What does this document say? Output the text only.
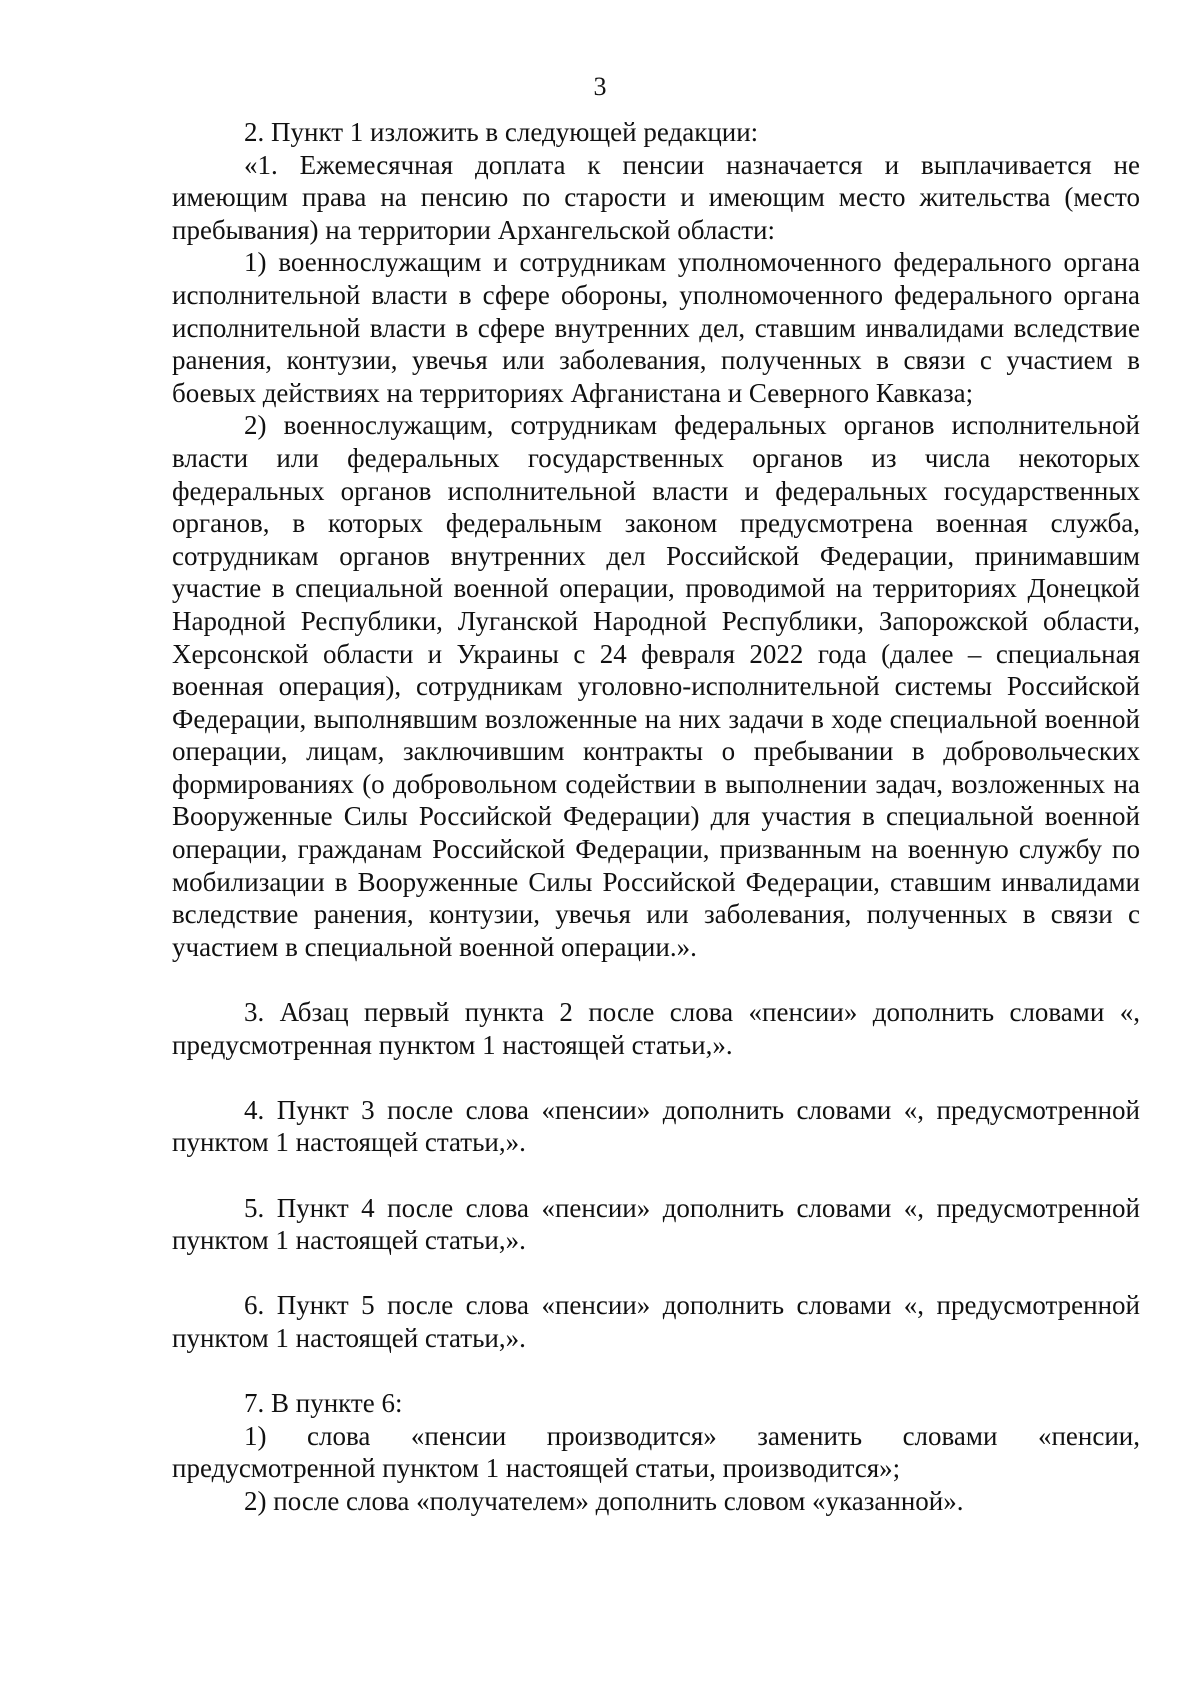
3

2. Пункт 1 изложить в следующей редакции:

«1. Ежемесячная доплата к пенсии назначается и выплачивается не имеющим права на пенсию по старости и имеющим место жительства (место пребывания) на территории Архангельской области:

1) военнослужащим и сотрудникам уполномоченного федерального органа исполнительной власти в сфере обороны, уполномоченного федерального органа исполнительной власти в сфере внутренних дел, ставшим инвалидами вследствие ранения, контузии, увечья или заболевания, полученных в связи с участием в боевых действиях на территориях Афганистана и Северного Кавказа;

2) военнослужащим, сотрудникам федеральных органов исполнительной власти или федеральных государственных органов из числа некоторых федеральных органов исполнительной власти и федеральных государственных органов, в которых федеральным законом предусмотрена военная служба, сотрудникам органов внутренних дел Российской Федерации, принимавшим участие в специальной военной операции, проводимой на территориях Донецкой Народной Республики, Луганской Народной Республики, Запорожской области, Херсонской области и Украины с 24 февраля 2022 года (далее – специальная военная операция), сотрудникам уголовно-исполнительной системы Российской Федерации, выполнявшим возложенные на них задачи в ходе специальной военной операции, лицам, заключившим контракты о пребывании в добровольческих формированиях (о добровольном содействии в выполнении задач, возложенных на Вооруженные Силы Российской Федерации) для участия в специальной военной операции, гражданам Российской Федерации, призванным на военную службу по мобилизации в Вооруженные Силы Российской Федерации, ставшим инвалидами вследствие ранения, контузии, увечья или заболевания, полученных в связи с участием в специальной военной операции.».

3. Абзац первый пункта 2 после слова «пенсии» дополнить словами «, предусмотренная пунктом 1 настоящей статьи,».

4. Пункт 3 после слова «пенсии» дополнить словами «, предусмотренной пунктом 1 настоящей статьи,».

5. Пункт 4 после слова «пенсии» дополнить словами «, предусмотренной пунктом 1 настоящей статьи,».

6. Пункт 5 после слова «пенсии» дополнить словами «, предусмотренной пунктом 1 настоящей статьи,».

7. В пункте 6:

1) слова «пенсии производится» заменить словами «пенсии, предусмотренной пунктом 1 настоящей статьи, производится»;

2) после слова «получателем» дополнить словом «указанной».
